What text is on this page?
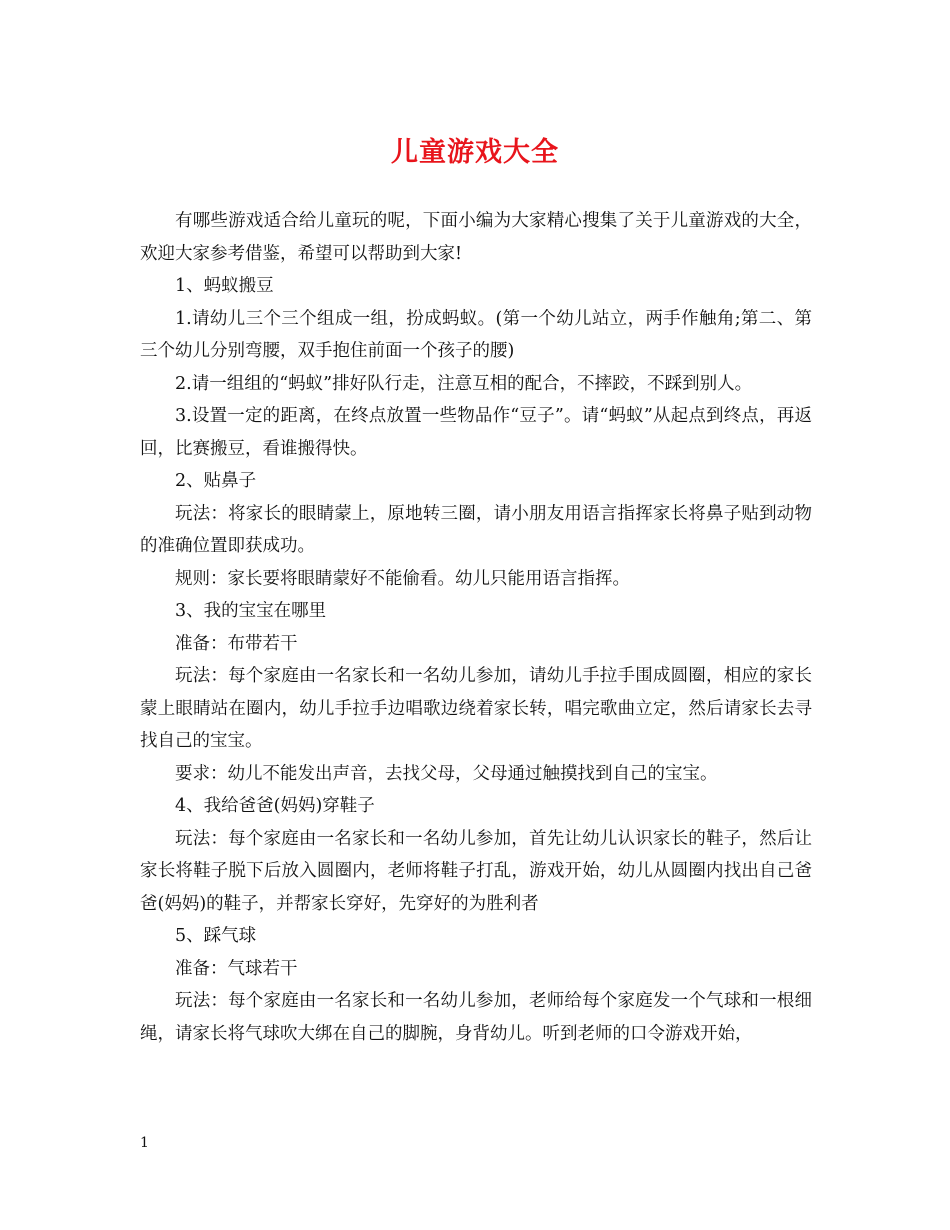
儿童游戏大全

有哪些游戏适合给儿童玩的呢，下面小编为大家精心搜集了关于儿童游戏的大全，欢迎大家参考借鉴，希望可以帮助到大家!

1、蚂蚁搬豆

1.请幼儿三个三个组成一组，扮成蚂蚁。(第一个幼儿站立，两手作触角;第二、第三个幼儿分别弯腰，双手抱住前面一个孩子的腰)

2.请一组组的“蚂蚁”排好队行走，注意互相的配合，不摔跤，不踩到别人。

3.设置一定的距离，在终点放置一些物品作“豆子”。请“蚂蚁”从起点到终点，再返回，比赛搬豆，看谁搬得快。

2、贴鼻子

玩法：将家长的眼睛蒙上，原地转三圈，请小朋友用语言指挥家长将鼻子贴到动物的准确位置即获成功。

规则：家长要将眼睛蒙好不能偷看。幼儿只能用语言指挥。

3、我的宝宝在哪里

准备：布带若干

玩法：每个家庭由一名家长和一名幼儿参加，请幼儿手拉手围成圆圈，相应的家长蒙上眼睛站在圈内，幼儿手拉手边唱歌边绕着家长转，唱完歌曲立定，然后请家长去寻找自己的宝宝。

要求：幼儿不能发出声音，去找父母，父母通过触摸找到自己的宝宝。

4、我给爸爸(妈妈)穿鞋子

玩法：每个家庭由一名家长和一名幼儿参加，首先让幼儿认识家长的鞋子，然后让家长将鞋子脱下后放入圆圈内，老师将鞋子打乱，游戏开始，幼儿从圆圈内找出自己爸爸(妈妈)的鞋子，并帮家长穿好，先穿好的为胜利者

5、踩气球

准备：气球若干

玩法：每个家庭由一名家长和一名幼儿参加，老师给每个家庭发一个气球和一根细绳，请家长将气球吹大绑在自己的脚腕，身背幼儿。听到老师的口令游戏开始，

1
